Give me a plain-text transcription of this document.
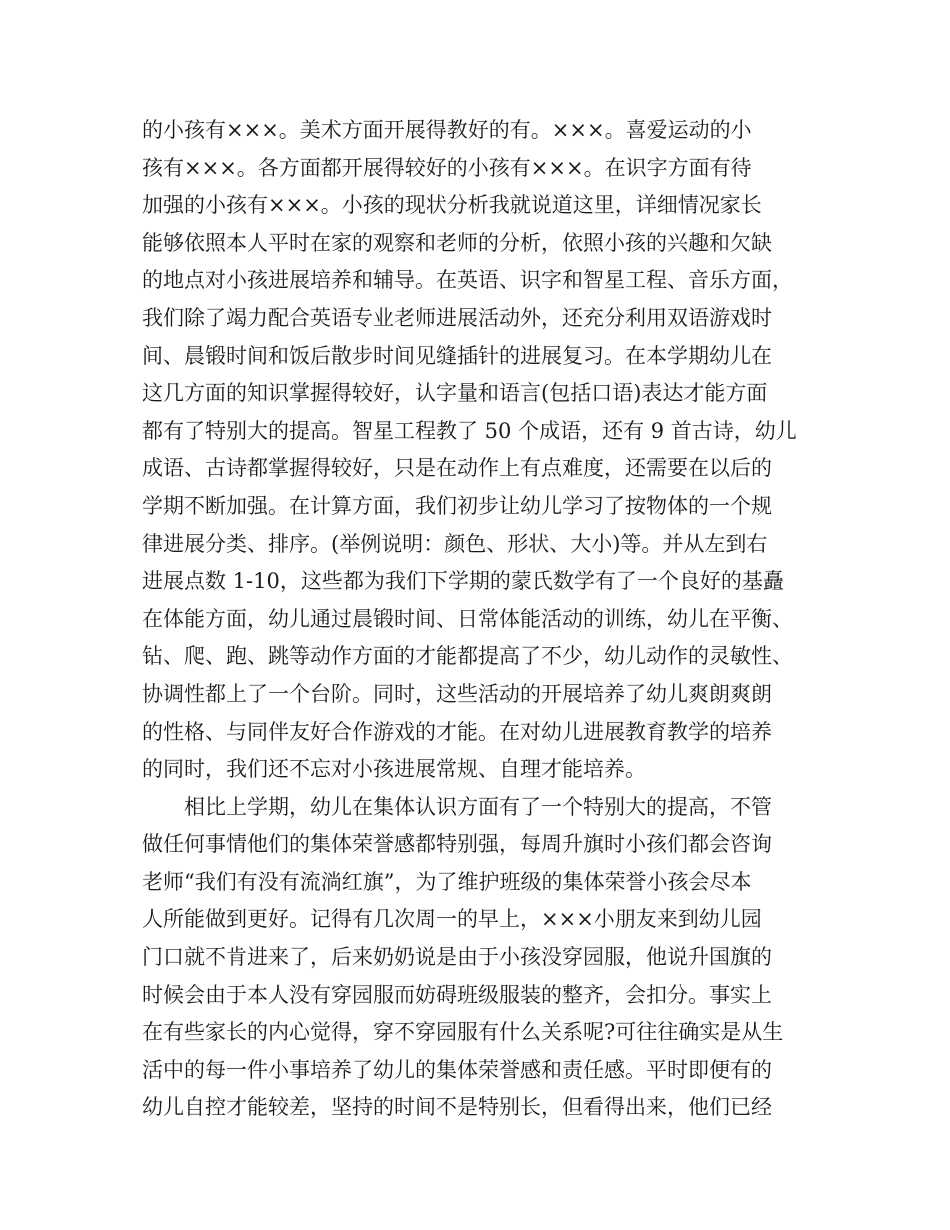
的小孩有×××。美术方面开展得教好的有。×××。喜爱运动的小
孩有×××。各方面都开展得较好的小孩有×××。在识字方面有待
加强的小孩有×××。小孩的现状分析我就说道这里，详细情况家长
能够依照本人平时在家的观察和老师的分析，依照小孩的兴趣和欠缺
的地点对小孩进展培养和辅导。在英语、识字和智星工程、音乐方面，
我们除了竭力配合英语专业老师进展活动外，还充分利用双语游戏时
间、晨锻时间和饭后散步时间见缝插针的进展复习。在本学期幼儿在
这几方面的知识掌握得较好，认字量和语言(包括口语)表达才能方面
都有了特别大的提高。智星工程教了 50 个成语，还有 9 首古诗，幼儿
成语、古诗都掌握得较好，只是在动作上有点难度，还需要在以后的
学期不断加强。在计算方面，我们初步让幼儿学习了按物体的一个规
律进展分类、排序。(举例说明：颜色、形状、大小)等。并从左到右
进展点数 1-10，这些都为我们下学期的蒙氏数学有了一个良好的基矗
在体能方面，幼儿通过晨锻时间、日常体能活动的训练，幼儿在平衡、
钻、爬、跑、跳等动作方面的才能都提高了不少，幼儿动作的灵敏性、
协调性都上了一个台阶。同时，这些活动的开展培养了幼儿爽朗爽朗
的性格、与同伴友好合作游戏的才能。在对幼儿进展教育教学的培养
的同时，我们还不忘对小孩进展常规、自理才能培养。
相比上学期，幼儿在集体认识方面有了一个特别大的提高，不管
做任何事情他们的集体荣誉感都特别强，每周升旗时小孩们都会咨询
老师“我们有没有流淌红旗”，为了维护班级的集体荣誉小孩会尽本
人所能做到更好。记得有几次周一的早上，×××小朋友来到幼儿园
门口就不肯进来了，后来奶奶说是由于小孩没穿园服，他说升国旗的
时候会由于本人没有穿园服而妨碍班级服装的整齐，会扣分。事实上
在有些家长的内心觉得，穿不穿园服有什么关系呢?可往往确实是从生
活中的每一件小事培养了幼儿的集体荣誉感和责任感。平时即便有的
幼儿自控才能较差，坚持的时间不是特别长，但看得出来，他们已经
